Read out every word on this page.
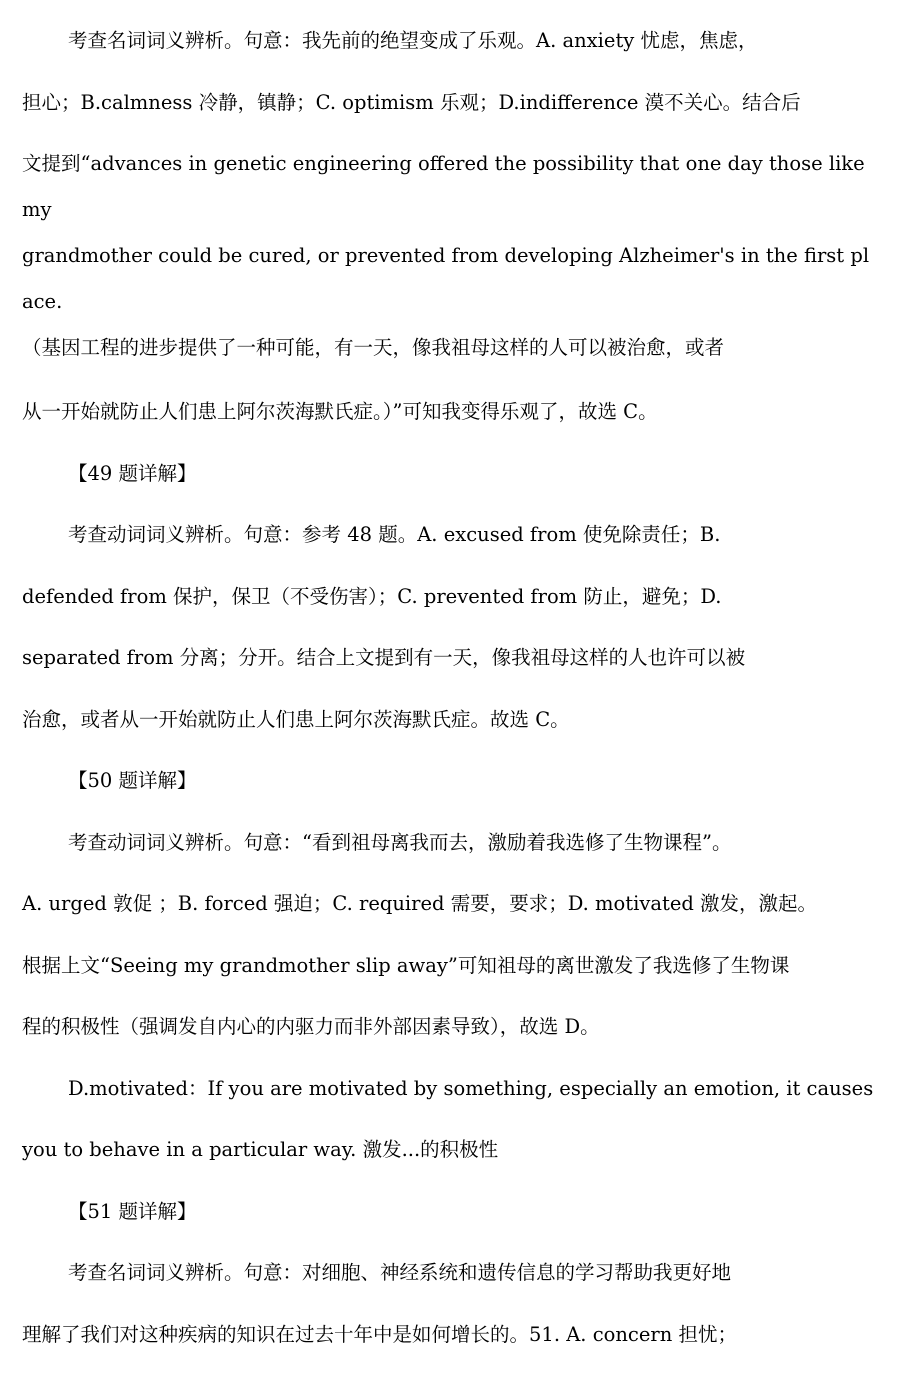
考查名词词义辨析。句意：我先前的绝望变成了乐观。A. anxiety 忧虑，焦虑，
担心；B.calmness 冷静，镇静；C. optimism 乐观；D.indifference 漠不关心。结合后
文提到“advances in genetic engineering offered the possibility that one day those like my
grandmother could be cured, or prevented from developing Alzheimer's in the first place.
（基因工程的进步提供了一种可能，有一天，像我祖母这样的人可以被治愈，或者
从一开始就防止人们患上阿尔茨海默氏症。）”可知我变得乐观了，故选 C。
【49 题详解】
考查动词词义辨析。句意：参考 48 题。A. excused from 使免除责任；B.
defended from 保护，保卫（不受伤害）；C. prevented from 防止，避免；D.
separated from 分离；分开。结合上文提到有一天，像我祖母这样的人也许可以被
治愈，或者从一开始就防止人们患上阿尔茨海默氏症。故选 C。
【50 题详解】
考查动词词义辨析。句意：“看到祖母离我而去，激励着我选修了生物课程”。
A. urged 敦促 ；B. forced 强迫；C. required 需要，要求；D. motivated 激发，激起。
根据上文“Seeing my grandmother slip away”可知祖母的离世激发了我选修了生物课
程的积极性（强调发自内心的内驱力而非外部因素导致），故选 D。
D.motivated：If you are motivated by something, especially an emotion, it causes
you to behave in a particular way. 激发...的积极性
【51 题详解】
考查名词词义辨析。句意：对细胞、神经系统和遗传信息的学习帮助我更好地
理解了我们对这种疾病的知识在过去十年中是如何增长的。51. A. concern 担忧；
